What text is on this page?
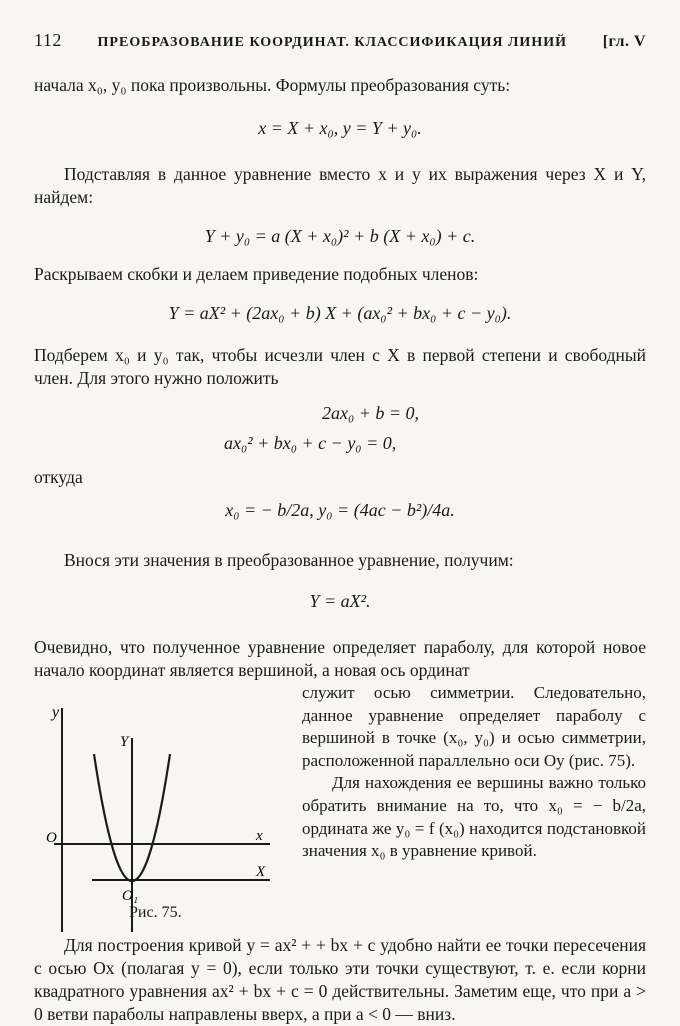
112	ПРЕОБРАЗОВАНИЕ КООРДИНАТ. КЛАССИФИКАЦИЯ ЛИНИЙ [гл. V

начала x₀, y₀ пока произвольны. Формулы преобразования суть:

x = X + x₀, y = Y + y₀.

Подставляя в данное уравнение вместо x и y их выражения через X и Y, найдем:

Y + y₀ = a (X + x₀)² + b (X + x₀) + c.

Раскрываем скобки и делаем приведение подобных членов:

Y = aX² + (2ax₀ + b) X + (ax₀² + bx₀ + c − y₀).

Подберем x₀ и y₀ так, чтобы исчезли член с X в первой степени и свободный член. Для этого нужно положить

2ax₀ + b = 0,
ax₀² + bx₀ + c − y₀ = 0,

откуда

x₀ = − b/2a, y₀ = (4ac − b²)/4a.

Внося эти значения в преобразованное уравнение, получим:

Y = aX².

Очевидно, что полученное уравнение определяет параболу, для которой новое начало координат является вершиной, а новая ось ординат

y
Y
O
O₁
x
X
Рис. 75.

служит осью симметрии. Следовательно, данное уравнение определяет параболу с вершиной в точке (x₀, y₀) и осью симметрии, расположенной параллельно оси Oy (рис. 75).

Для нахождения ее вершины важно только обратить внимание на то, что x₀ = − b/2a, ордината же y₀ = f (x₀) находится подстановкой значения x₀ в уравнение кривой.

Для построения кривой y = ax² + + bx + c удобно найти ее точки пересечения с осью Ox (полагая y = 0), если только эти точки существуют, т. е. если корни квадратного уравнения ax² + bx + c = 0 действительны. Заметим еще, что при a > 0 ветви параболы направлены вверх, а при a < 0 — вниз.
